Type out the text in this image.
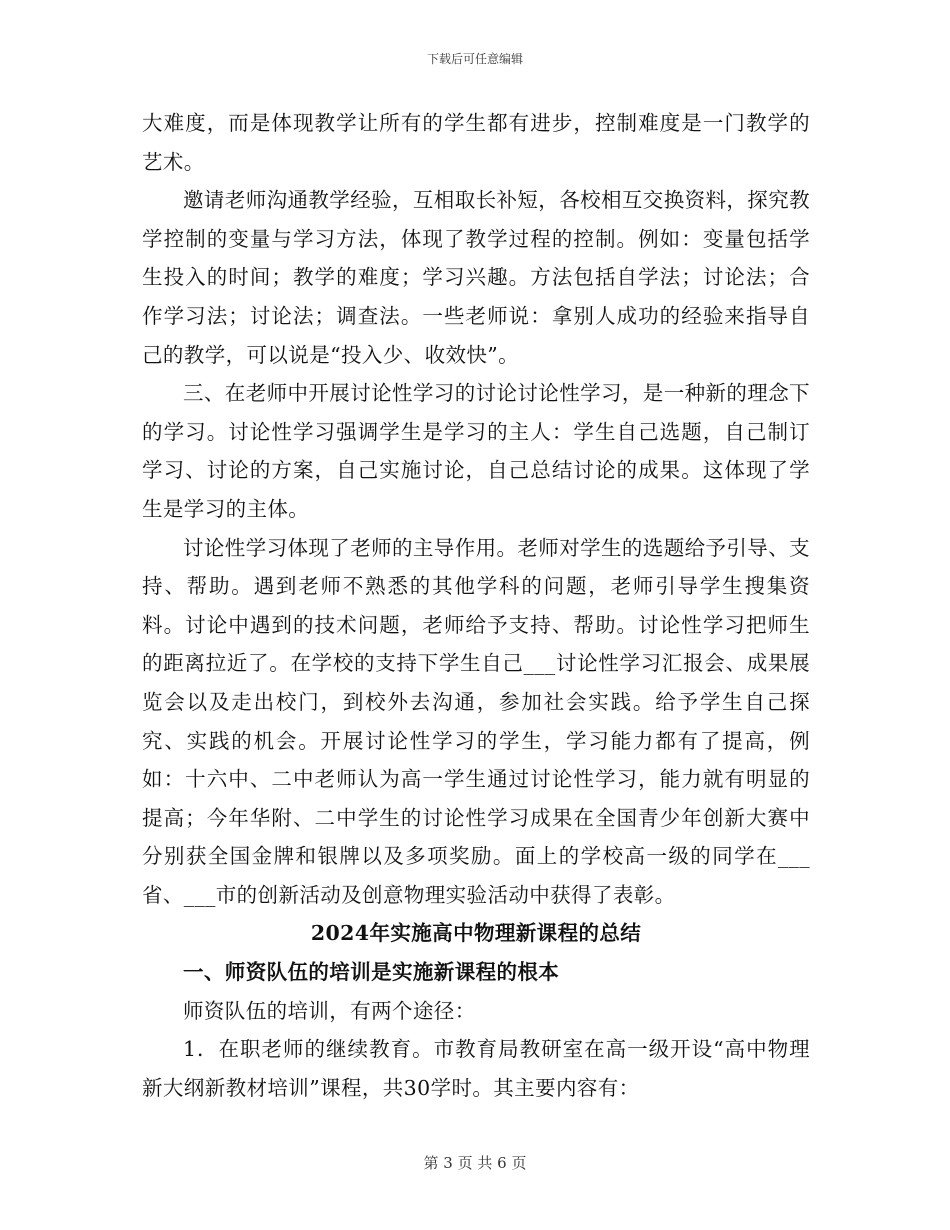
下载后可任意编辑

大难度，而是体现教学让所有的学生都有进步，控制难度是一门教学的艺术。

邀请老师沟通教学经验，互相取长补短，各校相互交换资料，探究教学控制的变量与学习方法，体现了教学过程的控制。例如：变量包括学生投入的时间；教学的难度；学习兴趣。方法包括自学法；讨论法；合作学习法；讨论法；调查法。一些老师说：拿别人成功的经验来指导自己的教学，可以说是“投入少、收效快”。

三、在老师中开展讨论性学习的讨论讨论性学习，是一种新的理念下的学习。讨论性学习强调学生是学习的主人：学生自己选题，自己制订学习、讨论的方案，自己实施讨论，自己总结讨论的成果。这体现了学生是学习的主体。

讨论性学习体现了老师的主导作用。老师对学生的选题给予引导、支持、帮助。遇到老师不熟悉的其他学科的问题，老师引导学生搜集资料。讨论中遇到的技术问题，老师给予支持、帮助。讨论性学习把师生的距离拉近了。在学校的支持下学生自己___讨论性学习汇报会、成果展览会以及走出校门，到校外去沟通，参加社会实践。给予学生自己探究、实践的机会。开展讨论性学习的学生，学习能力都有了提高，例如：十六中、二中老师认为高一学生通过讨论性学习，能力就有明显的提高；今年华附、二中学生的讨论性学习成果在全国青少年创新大赛中分别获全国金牌和银牌以及多项奖励。面上的学校高一级的同学在___省、___市的创新活动及创意物理实验活动中获得了表彰。

2024年实施高中物理新课程的总结

一、师资队伍的培训是实施新课程的根本

师资队伍的培训，有两个途径：

1．在职老师的继续教育。市教育局教研室在高一级开设“高中物理新大纲新教材培训”课程，共30学时。其主要内容有：

第 3 页 共 6 页
